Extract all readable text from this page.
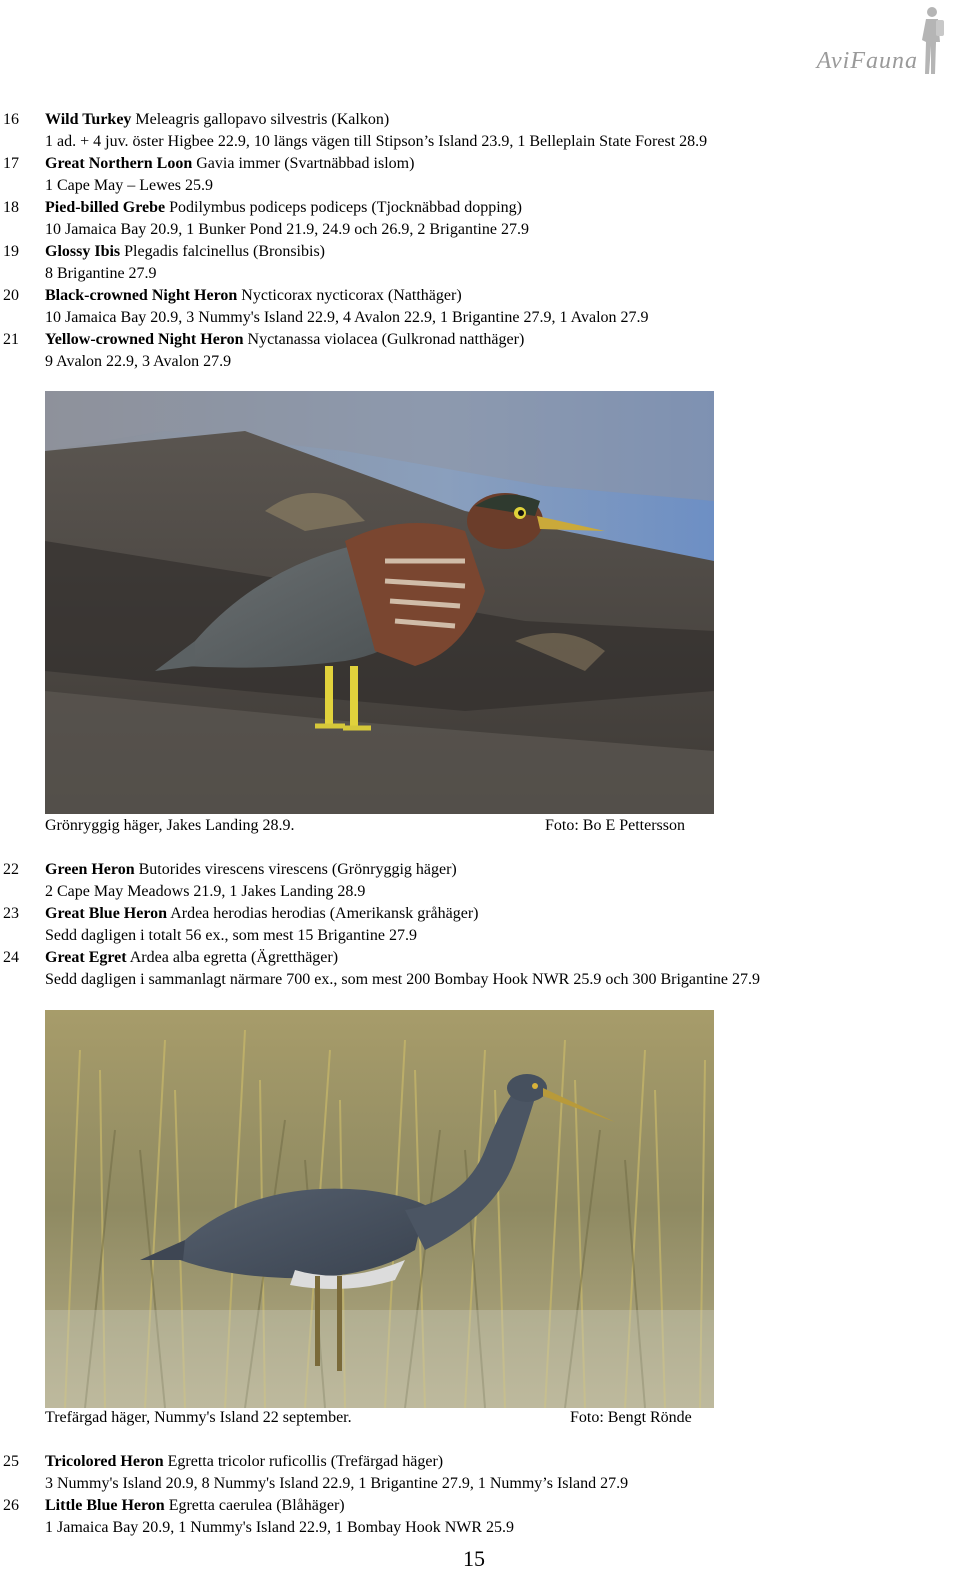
AviFauna
16 Wild Turkey Meleagris gallopavo silvestris (Kalkon)
1 ad. + 4 juv. öster Higbee 22.9, 10 längs vägen till Stipson’s Island 23.9, 1 Belleplain State Forest 28.9
17 Great Northern Loon Gavia immer (Svartnäbbad islom)
1 Cape May – Lewes 25.9
18 Pied-billed Grebe Podilymbus podiceps podiceps (Tjocknäbbad dopping)
10 Jamaica Bay 20.9, 1 Bunker Pond 21.9, 24.9 och 26.9, 2 Brigantine 27.9
19 Glossy Ibis Plegadis falcinellus (Bronsibis)
8 Brigantine 27.9
20 Black-crowned Night Heron Nycticorax nycticorax (Natthäger)
10 Jamaica Bay 20.9, 3 Nummy's Island 22.9, 4 Avalon 22.9, 1 Brigantine 27.9, 1 Avalon 27.9
21 Yellow-crowned Night Heron Nyctanassa violacea (Gulkronad natthäger)
9 Avalon 22.9, 3 Avalon 27.9
Grönryggig häger, Jakes Landing 28.9.	Foto: Bo E Pettersson
22 Green Heron Butorides virescens virescens (Grönryggig häger)
2 Cape May Meadows 21.9, 1 Jakes Landing 28.9
23 Great Blue Heron Ardea herodias herodias (Amerikansk gråhäger)
Sedd dagligen i totalt 56 ex., som mest 15 Brigantine 27.9
24 Great Egret Ardea alba egretta (Ägretthäger)
Sedd dagligen i sammanlagt närmare 700 ex., som mest 200 Bombay Hook NWR 25.9 och 300 Brigantine 27.9
Trefärgad häger, Nummy's Island 22 september.	Foto: Bengt Rönde
25 Tricolored Heron Egretta tricolor ruficollis (Trefärgad häger)
3 Nummy's Island 20.9, 8 Nummy's Island 22.9, 1 Brigantine 27.9, 1 Nummy’s Island 27.9
26 Little Blue Heron Egretta caerulea (Blåhäger)
1 Jamaica Bay 20.9, 1 Nummy's Island 22.9, 1 Bombay Hook NWR 25.9
15
